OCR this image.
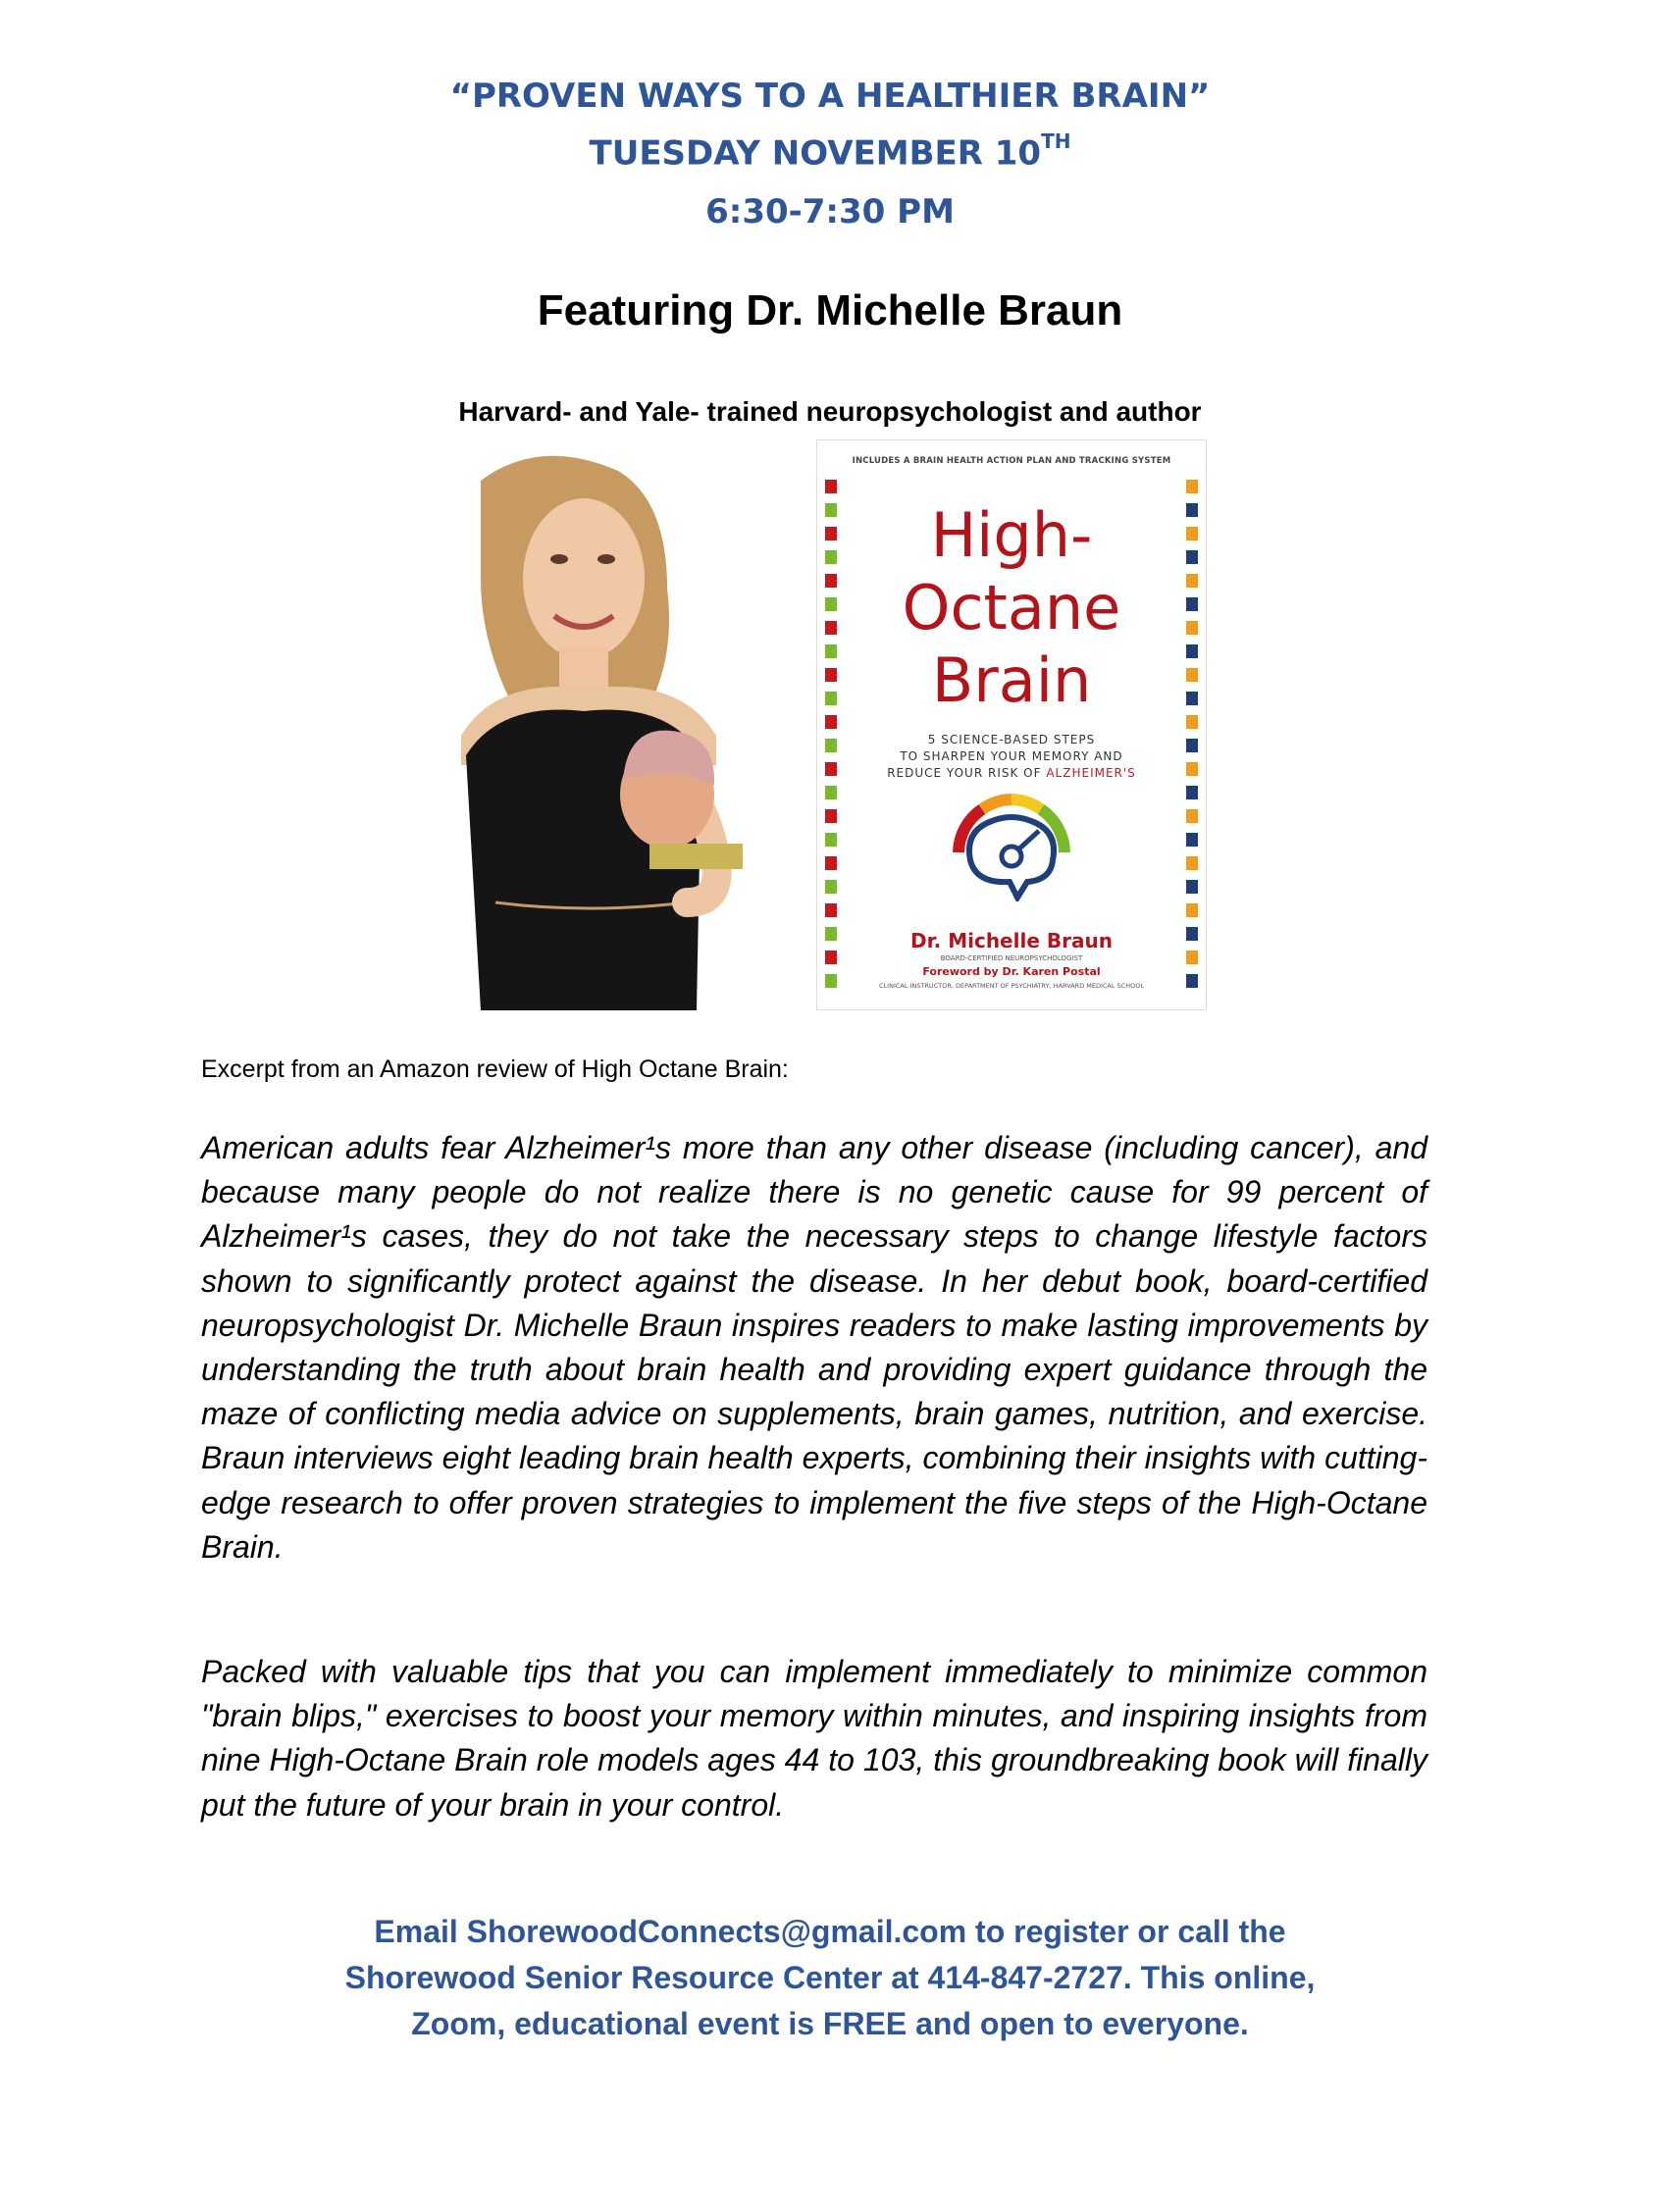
“PROVEN WAYS TO A HEALTHIER BRAIN”
TUESDAY NOVEMBER 10TH
6:30-7:30 PM
Featuring Dr. Michelle Braun
Harvard- and Yale- trained neuropsychologist and author
INCLUDES A BRAIN HEALTH ACTION PLAN AND TRACKING SYSTEM
High-
Octane
Brain
5 SCIENCE-BASED STEPS
TO SHARPEN YOUR MEMORY AND
REDUCE YOUR RISK OF ALZHEIMER'S
Dr. Michelle Braun
BOARD-CERTIFIED NEUROPSYCHOLOGIST
Foreword by Dr. Karen Postal
CLINICAL INSTRUCTOR, DEPARTMENT OF PSYCHIATRY, HARVARD MEDICAL SCHOOL
Excerpt from an Amazon review of High Octane Brain:
American adults fear Alzheimer¹s more than any other disease (including cancer), and because many people do not realize there is no genetic cause for 99 percent of Alzheimer¹s cases, they do not take the necessary steps to change lifestyle factors shown to significantly protect against the disease. In her debut book, board-certified neuropsychologist Dr. Michelle Braun inspires readers to make lasting improvements by understanding the truth about brain health and providing expert guidance through the maze of conflicting media advice on supplements, brain games, nutrition, and exercise. Braun interviews eight leading brain health experts, combining their insights with cutting-edge research to offer proven strategies to implement the five steps of the High-Octane Brain.
Packed with valuable tips that you can implement immediately to minimize common "brain blips," exercises to boost your memory within minutes, and inspiring insights from nine High-Octane Brain role models ages 44 to 103, this groundbreaking book will finally put the future of your brain in your control.
Email ShorewoodConnects@gmail.com to register or call the
Shorewood Senior Resource Center at 414-847-2727. This online,
Zoom, educational event is FREE and open to everyone.
